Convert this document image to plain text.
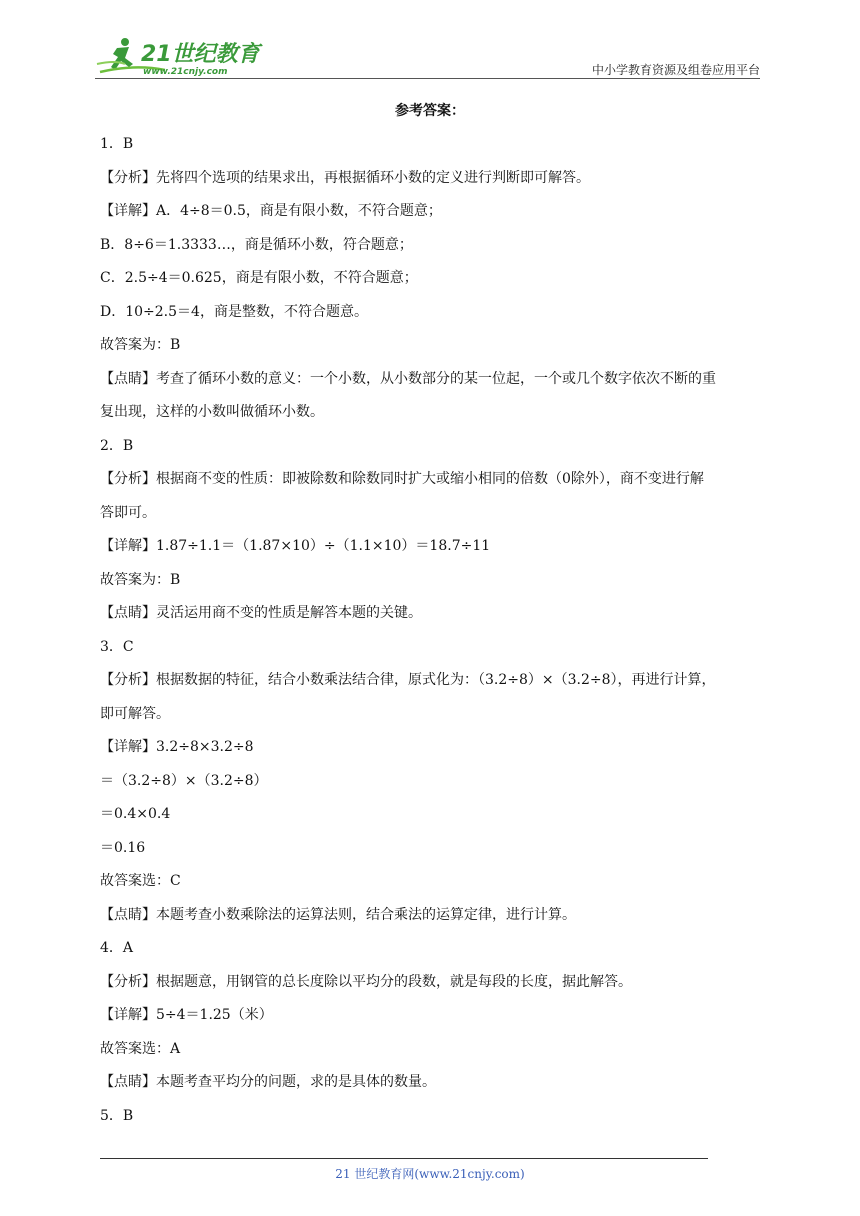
21世纪教育
www.21cnjy.com	中小学教育资源及组卷应用平台
参考答案：
1．B
【分析】先将四个选项的结果求出，再根据循环小数的定义进行判断即可解答。
【详解】A．4÷8＝0.5，商是有限小数，不符合题意；
B．8÷6＝1.3333…，商是循环小数，符合题意；
C．2.5÷4＝0.625，商是有限小数，不符合题意；
D．10÷2.5＝4，商是整数，不符合题意。
故答案为：B
【点睛】考查了循环小数的意义：一个小数，从小数部分的某一位起，一个或几个数字依次不断的重
复出现，这样的小数叫做循环小数。
2．B
【分析】根据商不变的性质：即被除数和除数同时扩大或缩小相同的倍数（0除外），商不变进行解
答即可。
【详解】1.87÷1.1＝（1.87×10）÷（1.1×10）＝18.7÷11
故答案为：B
【点睛】灵活运用商不变的性质是解答本题的关键。
3．C
【分析】根据数据的特征，结合小数乘法结合律，原式化为：（3.2÷8）×（3.2÷8），再进行计算，
即可解答。
【详解】3.2÷8×3.2÷8
＝（3.2÷8）×（3.2÷8）
＝0.4×0.4
＝0.16
故答案选：C
【点睛】本题考查小数乘除法的运算法则，结合乘法的运算定律，进行计算。
4．A
【分析】根据题意，用钢管的总长度除以平均分的段数，就是每段的长度，据此解答。
【详解】5÷4＝1.25（米）
故答案选：A
【点睛】本题考查平均分的问题，求的是具体的数量。
5．B
21 世纪教育网(www.21cnjy.com)
